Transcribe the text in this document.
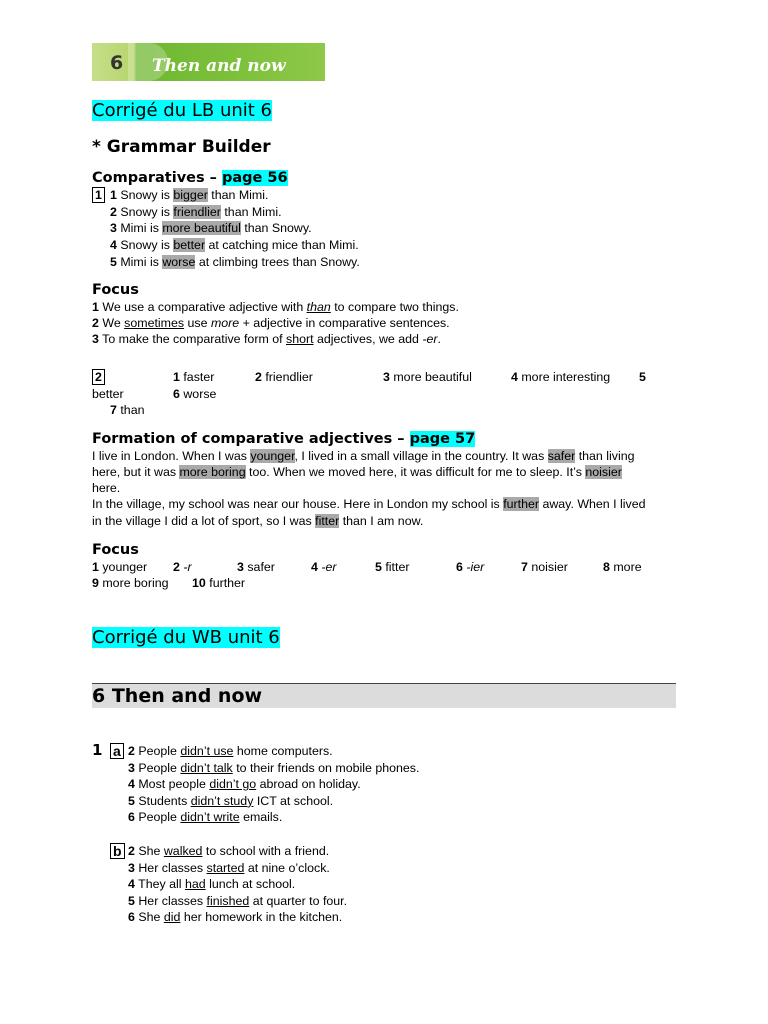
6 Then and now
Corrigé du LB unit 6
* Grammar Builder
Comparatives – page 56
1 1 Snowy is bigger than Mimi.
2 Snowy is friendlier than Mimi.
3 Mimi is more beautiful than Snowy.
4 Snowy is better at catching mice than Mimi.
5 Mimi is worse at climbing trees than Snowy.
Focus
1 We use a comparative adjective with than to compare two things.
2 We sometimes use more + adjective in comparative sentences.
3 To make the comparative form of short adjectives, we add -er.
2	1 faster	2 friendlier	3 more beautiful	4 more interesting 5
better	6 worse
7 than
Formation of comparative adjectives – page 57
I live in London. When I was younger, I lived in a small village in the country. It was safer than living
here, but it was more boring too. When we moved here, it was difficult for me to sleep. It’s noisier
here.
In the village, my school was near our house. Here in London my school is further away. When I lived
in the village I did a lot of sport, so I was fitter than I am now.
Focus
1 younger 2 -r	3 safer	4 -er	5 fitter	6 -ier	7 noisier	8 more
9 more boring 10 further
Corrigé du WB unit 6
6 Then and now
1 a 2 People didn’t use home computers.
3 People didn’t talk to their friends on mobile phones.
4 Most people didn’t go abroad on holiday.
5 Students didn’t study ICT at school.
6 People didn’t write emails.
b 2 She walked to school with a friend.
3 Her classes started at nine o’clock.
4 They all had lunch at school.
5 Her classes finished at quarter to four.
6 She did her homework in the kitchen.
